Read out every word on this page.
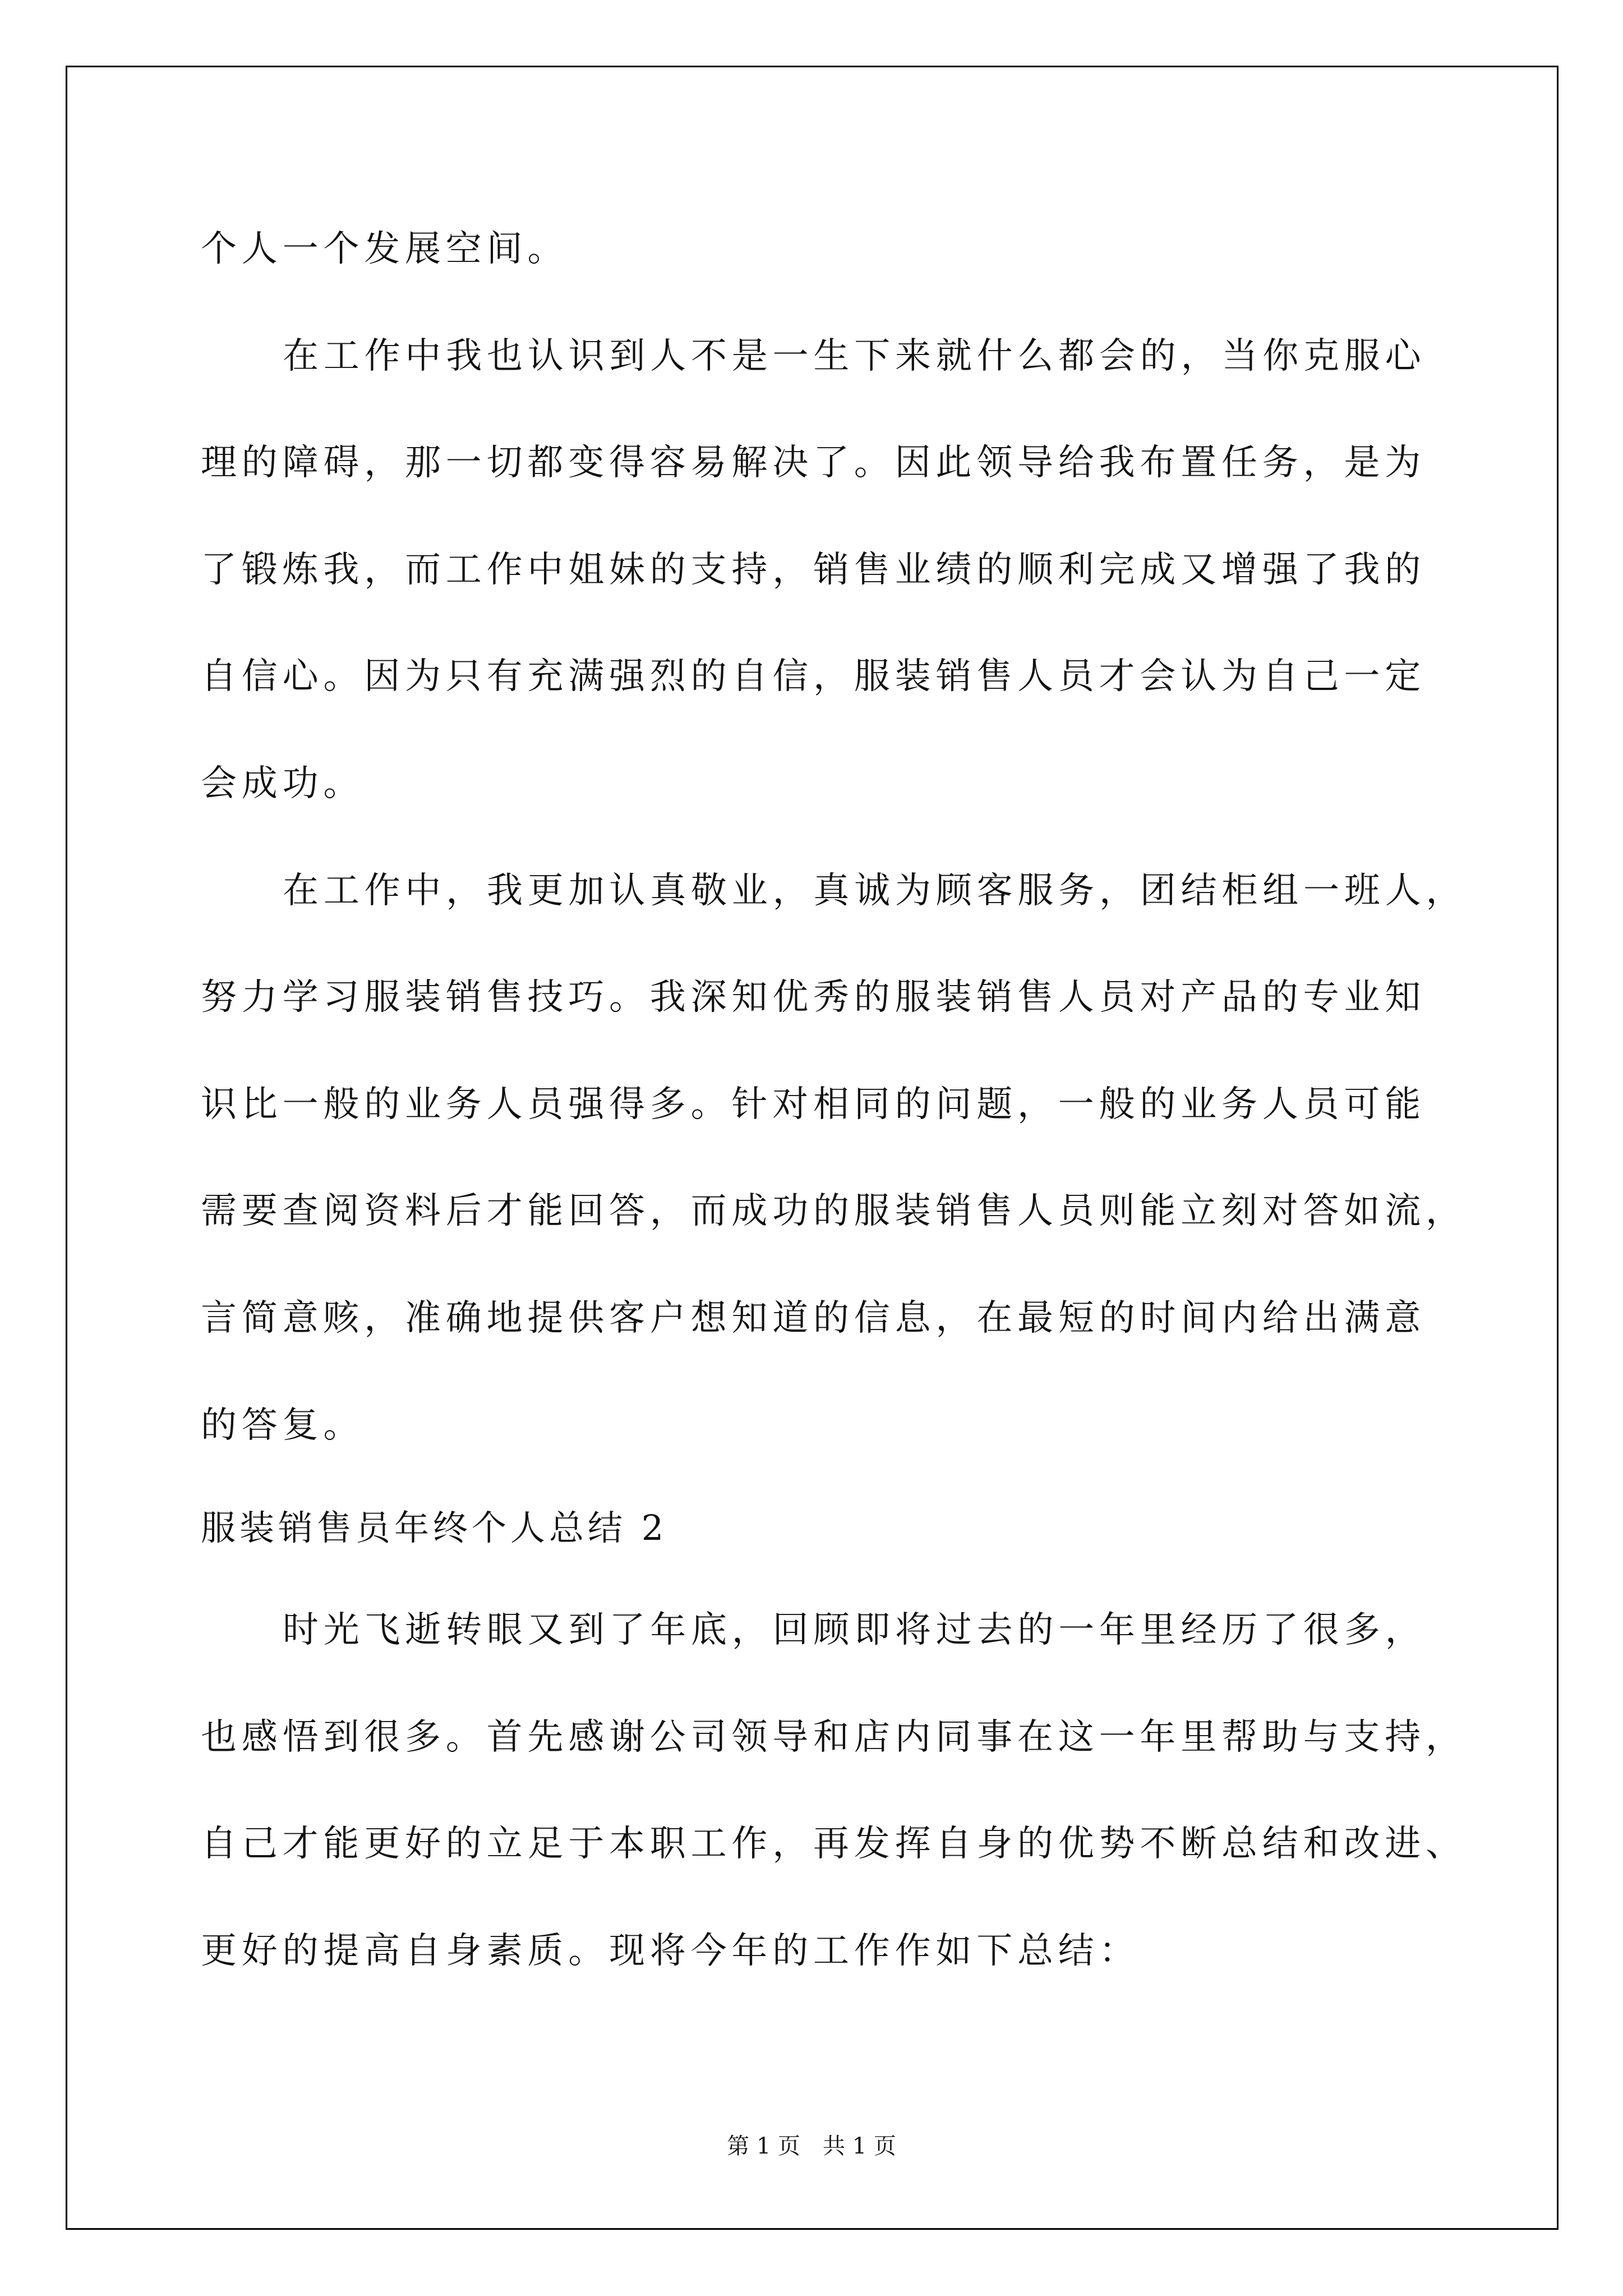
个人一个发展空间。
在工作中我也认识到人不是一生下来就什么都会的，当你克服心
理的障碍，那一切都变得容易解决了。因此领导给我布置任务，是为
了锻炼我，而工作中姐妹的支持，销售业绩的顺利完成又增强了我的
自信心。因为只有充满强烈的自信，服装销售人员才会认为自己一定
会成功。
在工作中，我更加认真敬业，真诚为顾客服务，团结柜组一班人，
努力学习服装销售技巧。我深知优秀的服装销售人员对产品的专业知
识比一般的业务人员强得多。针对相同的问题，一般的业务人员可能
需要查阅资料后才能回答，而成功的服装销售人员则能立刻对答如流，
言简意赅，准确地提供客户想知道的信息，在最短的时间内给出满意
的答复。
服装销售员年终个人总结 2
时光飞逝转眼又到了年底，回顾即将过去的一年里经历了很多，
也感悟到很多。首先感谢公司领导和店内同事在这一年里帮助与支持，
自己才能更好的立足于本职工作，再发挥自身的优势不断总结和改进、
更好的提高自身素质。现将今年的工作作如下总结：
第 1 页　共 1 页
